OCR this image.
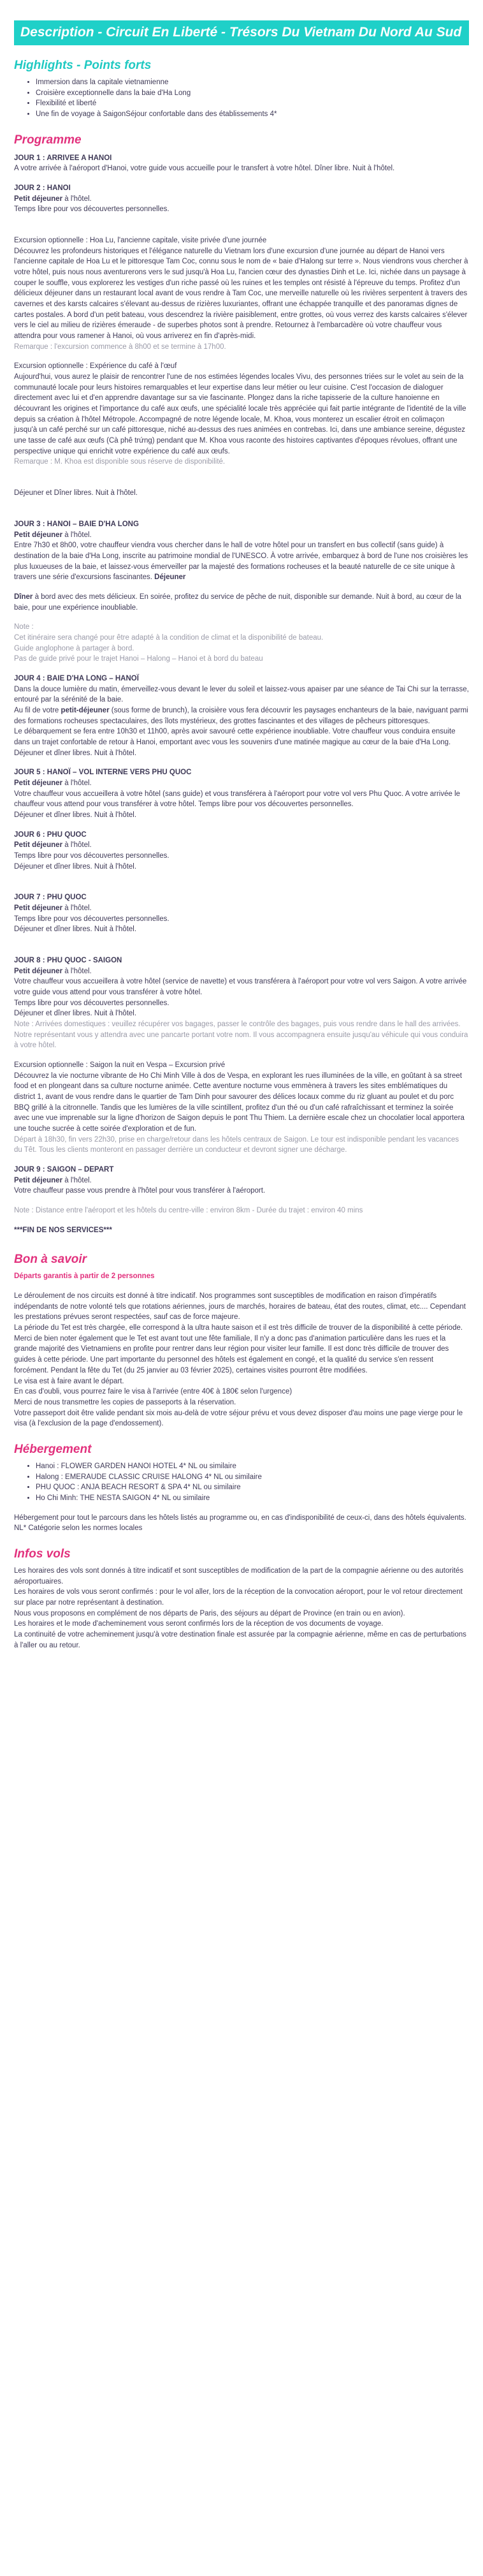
Description - Circuit En Liberté - Trésors Du Vietnam Du Nord Au Sud
Highlights - Points forts
• Immersion dans la capitale vietnamienne
• Croisière exceptionnelle dans la baie d'Ha Long
• Flexibilité et liberté
• Une fin de voyage à SaigonSéjour confortable dans des établissements 4*
Programme

JOUR 1 : ARRIVEE A HANOI

A votre arrivée à l'aéroport d'Hanoi, votre guide vous accueille pour le transfert à votre hôtel. Dîner libre. Nuit à l'hôtel.

JOUR 2 : HANOI

Petit déjeuner à l'hôtel.

Temps libre pour vos découvertes personnelles.

Excursion optionnelle : Hoa Lu, l'ancienne capitale, visite privée d'une journée

Découvrez les profondeurs historiques et l'élégance naturelle du Vietnam lors d'une excursion d'une journée au départ de Hanoi vers l'ancienne capitale de Hoa Lu et le pittoresque Tam Coc, connu sous le nom de « baie d'Halong sur terre ». Nous viendrons vous chercher à votre hôtel, puis nous nous aventurerons vers le sud jusqu'à Hoa Lu, l'ancien cœur des dynasties Dinh et Le. Ici, nichée dans un paysage à couper le souffle, vous explorerez les vestiges d'un riche passé où les ruines et les temples ont résisté à l'épreuve du temps. Profitez d'un délicieux déjeuner dans un restaurant local avant de vous rendre à Tam Coc, une merveille naturelle où les rivières serpentent à travers des cavernes et des karsts calcaires s'élevant au-dessus de rizières luxuriantes, offrant une échappée tranquille et des panoramas dignes de cartes postales. A bord d'un petit bateau, vous descendrez la rivière paisiblement, entre grottes, où vous verrez des karsts calcaires s'élever vers le ciel au milieu de rizières émeraude - de superbes photos sont à prendre. Retournez à l'embarcadère où votre chauffeur vous attendra pour vous ramener à Hanoi, où vous arriverez en fin d'après-midi.

Remarque : l'excursion commence à 8h00 et se termine à 17h00.

Excursion optionnelle : Expérience du café à l'œuf

Aujourd'hui, vous aurez le plaisir de rencontrer l'une de nos estimées légendes locales Vivu, des personnes triées sur le volet au sein de la communauté locale pour leurs histoires remarquables et leur expertise dans leur métier ou leur cuisine. C'est l'occasion de dialoguer directement avec lui et d'en apprendre davantage sur sa vie fascinante. Plongez dans la riche tapisserie de la culture hanoienne en découvrant les origines et l'importance du café aux œufs, une spécialité locale très appréciée qui fait partie intégrante de l'identité de la ville depuis sa création à l'hôtel Métropole. Accompagné de notre légende locale, M. Khoa, vous monterez un escalier étroit en colimaçon jusqu'à un café perché sur un café pittoresque, niché au-dessus des rues animées en contrebas. Ici, dans une ambiance sereine, dégustez une tasse de café aux œufs (Cà phê trứng) pendant que M. Khoa vous raconte des histoires captivantes d'époques révolues, offrant une perspective unique qui enrichit votre expérience du café aux œufs.

Remarque : M. Khoa est disponible sous réserve de disponibilité.

Déjeuner et Dîner libres. Nuit à l'hôtel.

JOUR 3 : HANOI – BAIE D'HA LONG

Petit déjeuner à l'hôtel.

Entre 7h30 et 8h00, votre chauffeur viendra vous chercher dans le hall de votre hôtel pour un transfert en bus collectif (sans guide) à destination de la baie d'Ha Long, inscrite au patrimoine mondial de l'UNESCO. À votre arrivée, embarquez à bord de l'une nos croisières les plus luxueuses de la baie, et laissez-vous émerveiller par la majesté des formations rocheuses et la beauté naturelle de ce site unique à travers une série d'excursions fascinantes. Déjeuner

Dîner à bord avec des mets délicieux. En soirée, profitez du service de pêche de nuit, disponible sur demande. Nuit à bord, au cœur de la baie, pour une expérience inoubliable.

Note :

Cet itinéraire sera changé pour être adapté à la condition de climat et la disponibilité de bateau.

Guide anglophone à partager à bord.

Pas de guide privé pour le trajet Hanoi – Halong – Hanoi et à bord du bateau

JOUR 4 : BAIE D'HA LONG – HANOÏ

Dans la douce lumière du matin, émerveillez-vous devant le lever du soleil et laissez-vous apaiser par une séance de Tai Chi sur la terrasse, entouré par la sérénité de la baie.

Au fil de votre petit-déjeuner (sous forme de brunch), la croisière vous fera découvrir les paysages enchanteurs de la baie, naviguant parmi des formations rocheuses spectaculaires, des îlots mystérieux, des grottes fascinantes et des villages de pêcheurs pittoresques.

Le débarquement se fera entre 10h30 et 11h00, après avoir savouré cette expérience inoubliable. Votre chauffeur vous conduira ensuite dans un trajet confortable de retour à Hanoi, emportant avec vous les souvenirs d'une matinée magique au cœur de la baie d'Ha Long.

Déjeuner et dîner libres. Nuit à l'hôtel.

JOUR 5 : HANOÏ – VOL INTERNE VERS PHU QUOC

Petit déjeuner à l'hôtel.

Votre chauffeur vous accueillera à votre hôtel (sans guide) et vous transférera à l'aéroport pour votre vol vers Phu Quoc. A votre arrivée le chauffeur vous attend pour vous transférer à votre hôtel. Temps libre pour vos découvertes personnelles.

Déjeuner et dîner libres. Nuit à l'hôtel.

JOUR 6 : PHU QUOC

Petit déjeuner à l'hôtel.

Temps libre pour vos découvertes personnelles.

Déjeuner et dîner libres. Nuit à l'hôtel.

JOUR 7 : PHU QUOC

Petit déjeuner à l'hôtel.

Temps libre pour vos découvertes personnelles.

Déjeuner et dîner libres. Nuit à l'hôtel.

JOUR 8 : PHU QUOC - SAIGON

Petit déjeuner à l'hôtel.

Votre chauffeur vous accueillera à votre hôtel (service de navette) et vous transférera à l'aéroport pour votre vol vers Saigon. A votre arrivée votre guide vous attend pour vous transférer à votre hôtel.

Temps libre pour vos découvertes personnelles.

Déjeuner et dîner libres. Nuit à l'hôtel.

Note : Arrivées domestiques : veuillez récupérer vos bagages, passer le contrôle des bagages, puis vous rendre dans le hall des arrivées. Notre représentant vous y attendra avec une pancarte portant votre nom. Il vous accompagnera ensuite jusqu'au véhicule qui vous conduira à votre hôtel.

Excursion optionnelle : Saigon la nuit en Vespa – Excursion privé

Découvrez la vie nocturne vibrante de Ho Chi Minh Ville à dos de Vespa, en explorant les rues illuminées de la ville, en goûtant à sa street food et en plongeant dans sa culture nocturne animée. Cette aventure nocturne vous emmènera à travers les sites emblématiques du district 1, avant de vous rendre dans le quartier de Tam Dinh pour savourer des délices locaux comme du riz gluant au poulet et du porc BBQ grillé à la citronnelle. Tandis que les lumières de la ville scintillent, profitez d'un thé ou d'un café rafraîchissant et terminez la soirée avec une vue imprenable sur la ligne d'horizon de Saigon depuis le pont Thu Thiem. La dernière escale chez un chocolatier local apportera une touche sucrée à cette soirée d'exploration et de fun.

Départ à 18h30, fin vers 22h30, prise en charge/retour dans les hôtels centraux de Saigon. Le tour est indisponible pendant les vacances du Têt. Tous les clients monteront en passager derrière un conducteur et devront signer une décharge.

JOUR 9 : SAIGON – DEPART

Petit déjeuner à l'hôtel.

Votre chauffeur passe vous prendre à l'hôtel pour vous transférer à l'aéroport.

Note : Distance entre l'aéroport et les hôtels du centre-ville : environ 8km - Durée du trajet : environ 40 mins

***FIN DE NOS SERVICES***

Bon à savoir

Départs garantis à partir de 2 personnes

Le déroulement de nos circuits est donné à titre indicatif. Nos programmes sont susceptibles de modification en raison d'impératifs indépendants de notre volonté tels que rotations aériennes, jours de marchés, horaires de bateau, état des routes, climat, etc.... Cependant les prestations prévues seront respectées, sauf cas de force majeure.

La période du Tet est très chargée, elle correspond à la ultra haute saison et il est très difficile de trouver de la disponibilité à cette période.

Merci de bien noter également que le Tet est avant tout une fête familiale, Il n'y a donc pas d'animation particulière dans les rues et la grande majorité des Vietnamiens en profite pour rentrer dans leur région pour visiter leur famille. Il est donc très difficile de trouver des guides à cette période. Une part importante du personnel des hôtels est également en congé, et la qualité du service s'en ressent forcément. Pendant la fête du Tet (du 25 janvier au 03 février 2025), certaines visites pourront être modifiées.

Le visa est à faire avant le départ.

En cas d'oubli, vous pourrez faire le visa à l'arrivée (entre 40€ à 180€ selon l'urgence)

Merci de nous transmettre les copies de passeports à la réservation.

Votre passeport doit être valide pendant six mois au-delà de votre séjour prévu et vous devez disposer d'au moins une page vierge pour le visa (à l'exclusion de la page d'endossement).

Hébergement
• Hanoi : FLOWER GARDEN HANOI HOTEL 4* NL ou similaire
• Halong : EMERAUDE CLASSIC CRUISE HALONG 4* NL ou similaire
• PHU QUOC : ANJA BEACH RESORT & SPA 4* NL ou similaire
• Ho Chi Minh: THE NESTA SAIGON 4* NL ou similaire

Hébergement pour tout le parcours dans les hôtels listés au programme ou, en cas d'indisponibilité de ceux-ci, dans des hôtels équivalents.

NL* Catégorie selon les normes locales

Infos vols

Les horaires des vols sont donnés à titre indicatif et sont susceptibles de modification de la part de la compagnie aérienne ou des autorités aéroportuaires.

Les horaires de vols vous seront confirmés : pour le vol aller, lors de la réception de la convocation aéroport, pour le vol retour directement sur place par notre représentant à destination.

Nous vous proposons en complément de nos départs de Paris, des séjours au départ de Province (en train ou en avion).

Les horaires et le mode d'acheminement vous seront confirmés lors de la réception de vos documents de voyage.

La continuité de votre acheminement jusqu'à votre destination finale est assurée par la compagnie aérienne, même en cas de perturbations à l'aller ou au retour.
